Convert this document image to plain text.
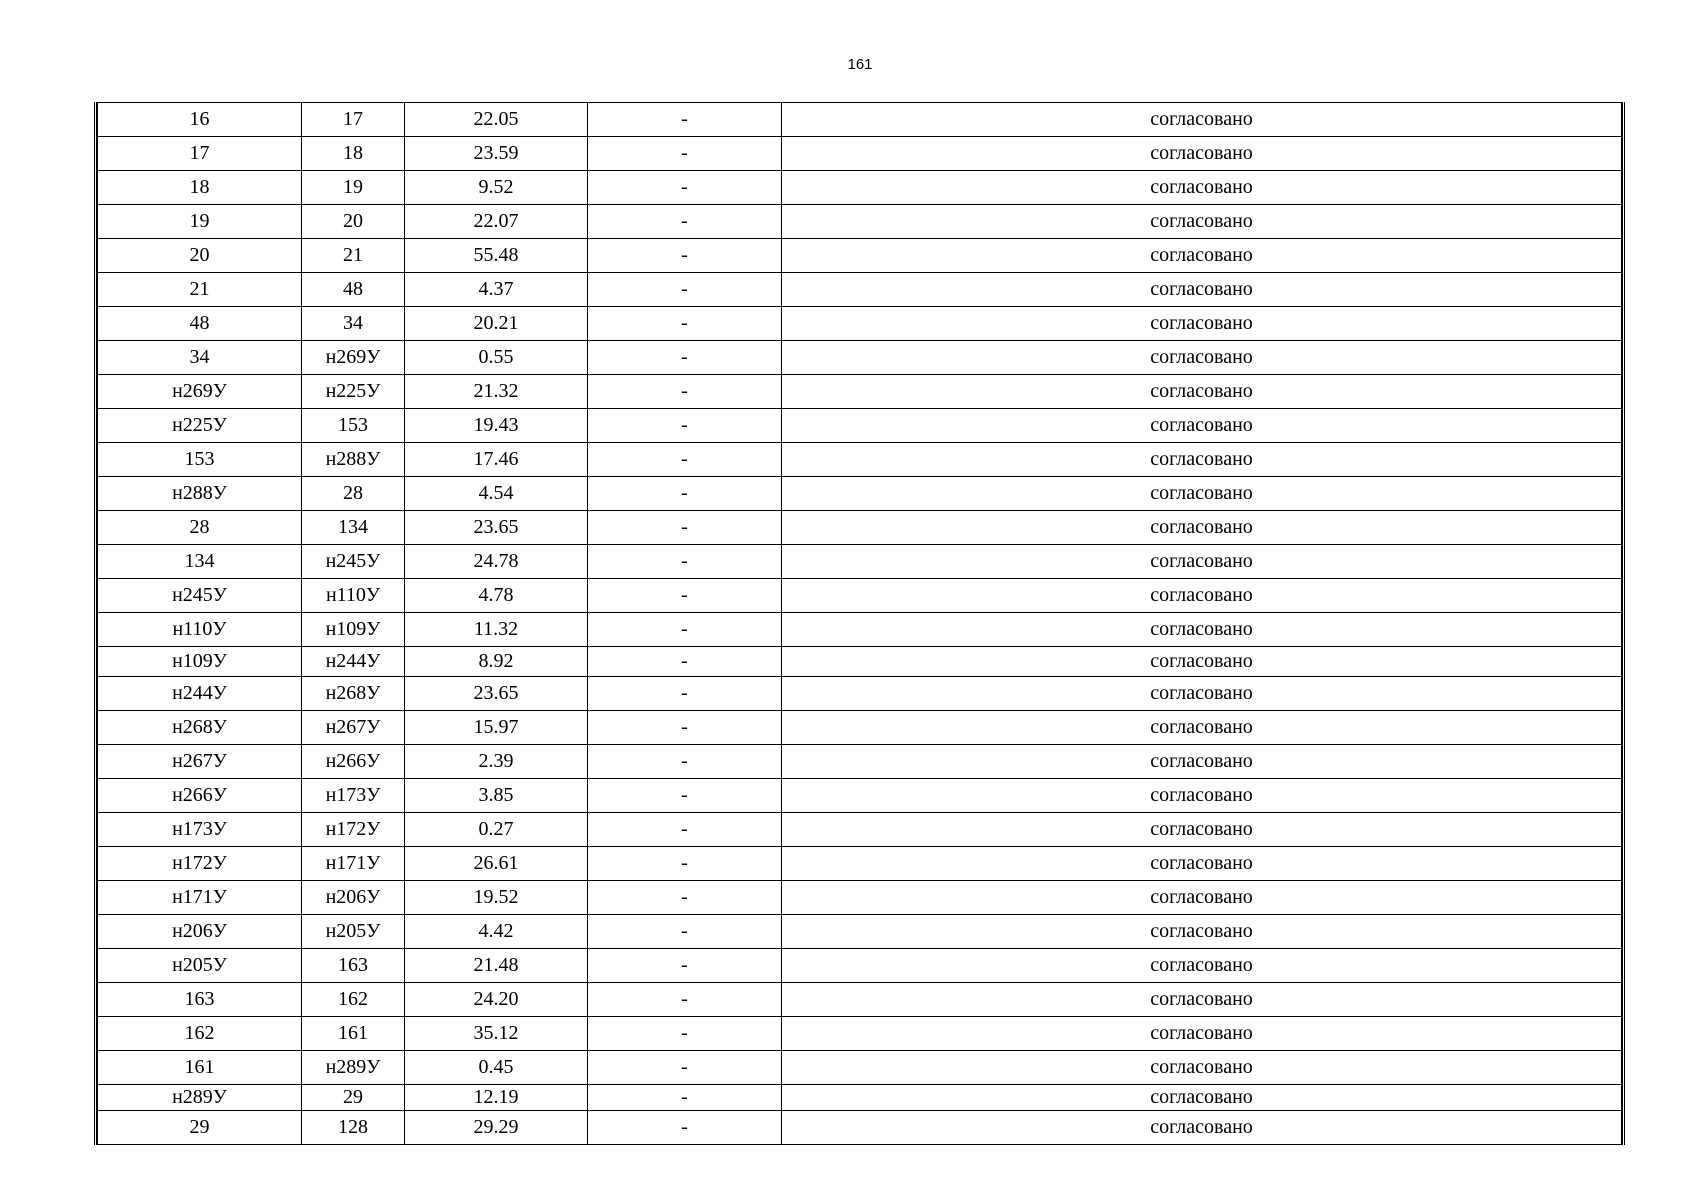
161
16	17	22.05	-	согласовано
17	18	23.59	-	согласовано
18	19	9.52	-	согласовано
19	20	22.07	-	согласовано
20	21	55.48	-	согласовано
21	48	4.37	-	согласовано
48	34	20.21	-	согласовано
34	н269У	0.55	-	согласовано
н269У	н225У	21.32	-	согласовано
н225У	153	19.43	-	согласовано
153	н288У	17.46	-	согласовано
н288У	28	4.54	-	согласовано
28	134	23.65	-	согласовано
134	н245У	24.78	-	согласовано
н245У	н110У	4.78	-	согласовано
н110У	н109У	11.32	-	согласовано
н109У	н244У	8.92	-	согласовано
н244У	н268У	23.65	-	согласовано
н268У	н267У	15.97	-	согласовано
н267У	н266У	2.39	-	согласовано
н266У	н173У	3.85	-	согласовано
н173У	н172У	0.27	-	согласовано
н172У	н171У	26.61	-	согласовано
н171У	н206У	19.52	-	согласовано
н206У	н205У	4.42	-	согласовано
н205У	163	21.48	-	согласовано
163	162	24.20	-	согласовано
162	161	35.12	-	согласовано
161	н289У	0.45	-	согласовано
н289У	29	12.19	-	согласовано
29	128	29.29	-	согласовано
